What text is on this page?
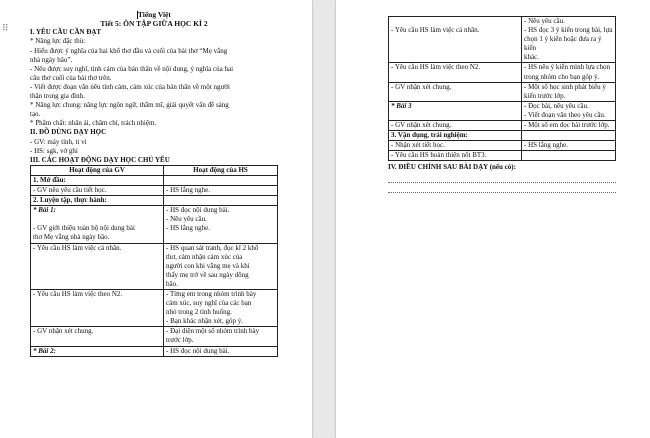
⠿
Tiếng Việt
Tiết 5: ÔN TẬP GIỮA HỌC KÌ 2
I. YÊU CẦU CẦN ĐẠT
* Năng lực đặc thù:
- Hiểu được ý nghĩa của hai khổ thơ đầu và cuối của bài thơ “Mẹ vắng
nhà ngày bão”.
- Nêu được suy nghĩ, tình cảm của bản thân về nội dung, ý nghĩa của hai
câu thơ cuối của bài thơ trên.
- Viết được đoạn văn nêu tình cảm, cảm xúc của bản thân về một người
thân trong gia đình.
* Năng lực chung: năng lực ngôn ngữ, thẩm mĩ, giải quyết vấn đề sáng
tạo.
* Phẩm chất: nhân ái, chăm chỉ, trách nhiệm.
II. ĐỒ DÙNG DẠY HỌC
- GV: máy tính, ti vi
- HS: sgk, vở ghi
III. CÁC HOẠT ĐỘNG DẠY HỌC CHỦ YẾU
Hoạt động của GV	Hoạt động của HS
1. Mở đầu:	
- GV nêu yêu cầu tiết học.	- HS lắng nghe.
2. Luyện tập, thực hành:	
* Bài 1:

- GV giới thiệu toàn bộ nội dung bài
thơ Mẹ vắng nhà ngày bão.	- HS đọc nội dung bài.
- Nêu yêu cầu.
- HS lắng nghe.
- Yêu cầu HS làm việc cá nhân.	- HS quan sát tranh, đọc kĩ 2 khổ
thơ, cảm nhận cảm xúc của
người con khi vắng mẹ và khi
thấy mẹ trở về sau ngày dông
bão.
- Yêu cầu HS làm việc theo N2.	- Từng em trong nhóm trình bày
cảm xúc, suy nghĩ của các bạn
nhỏ trong 2 tình huống.
- Bạn khác nhận xét, góp ý.
- GV nhận xét chung.	- Đại diện một số nhóm trình bày
trước lớp.
* Bài 2:	- HS đọc nội dung bài.

- Yêu cầu HS làm việc cá nhân.	- Nêu yêu cầu.
- HS đọc 3 ý kiến trong bài, lựa
chọn 1 ý kiến hoặc đưa ra ý kiến
khác.
- Yêu cầu HS làm việc theo N2.	- HS nêu ý kiến mình lựa chọn
trong nhóm cho bạn góp ý.
- GV nhận xét chung.	- Một số học sinh phát biểu ý
kiến trước lớp.
* Bài 3	- Đọc bài, nêu yêu cầu.
- Viết đoạn văn theo yêu cầu.
- GV nhận xét chung.	- Một số em đọc bài trước lớp.
3. Vận dụng, trải nghiệm:	
- Nhận xét tiết học.	- HS lắng nghe.
- Yêu cầu HS hoàn thiện nốt BT3.	
IV. ĐIỀU CHỈNH SAU BÀI DẠY (nếu có):
